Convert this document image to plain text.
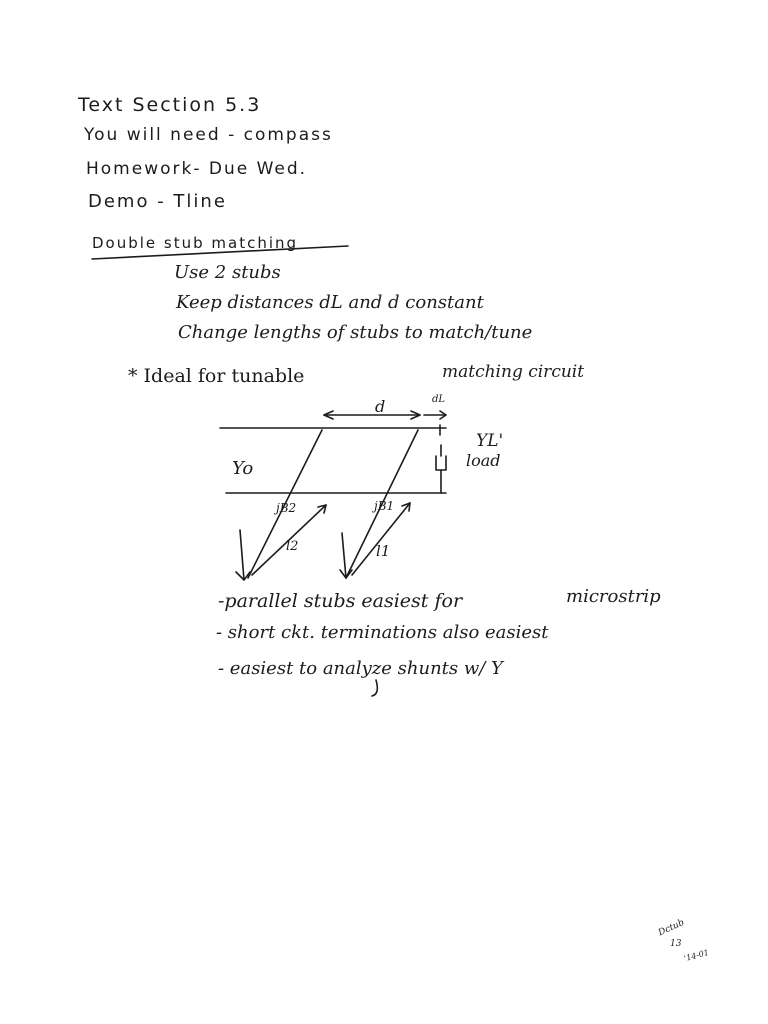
Text Section 5.3
You will need - compass
Homework- Due Wed.
Demo - Tline
Double stub matching
Use 2 stubs
Keep distances dL and d constant
Change lengths of stubs to match/tune
* Ideal for tunable	matching circuit
-parallel stubs easiest for	microstrip
- short ckt. terminations also easiest
- easiest to analyze shunts w/ Y
Dctub
13
'14-01
d	dL
YL'
load
Yo
jB2	jB1
l2	l1
